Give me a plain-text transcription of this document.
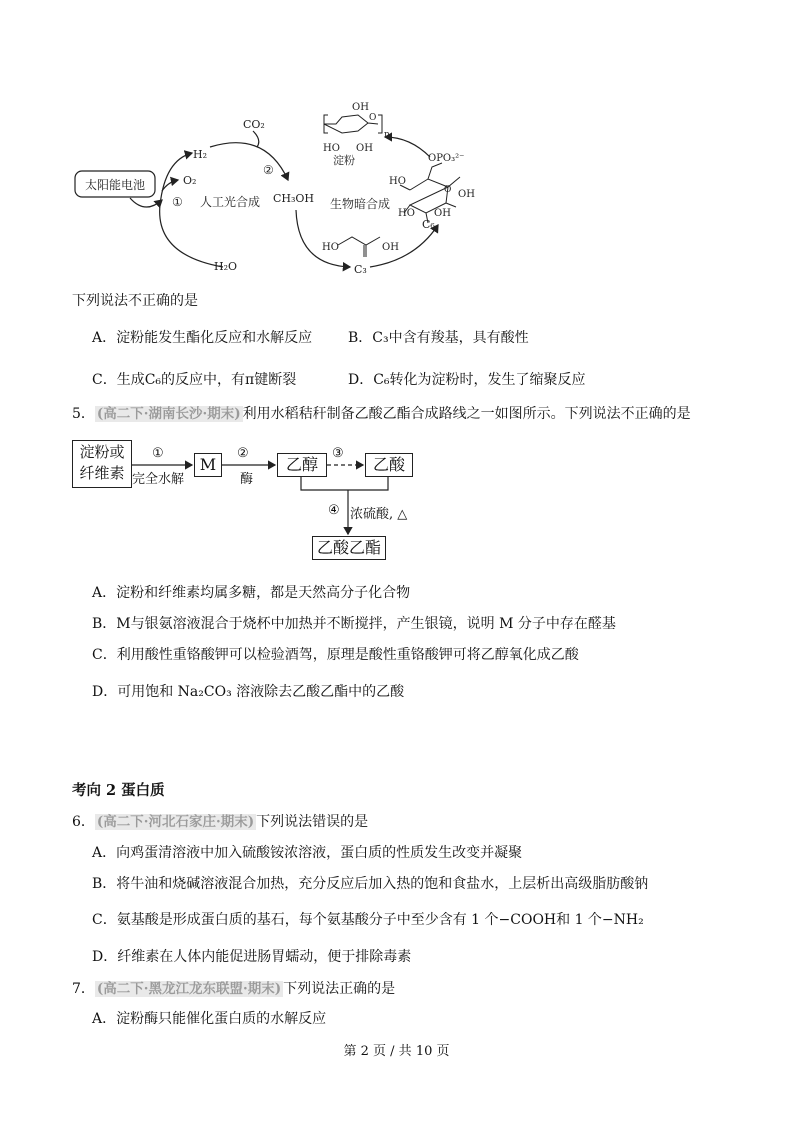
太阳能电池
H₂
O₂
H₂O
① 人工光合成
CO₂
②
CH₃OH 生物暗合成
HO	OH
C₃
O
OPO₃²⁻
HO
HO
OH
OH
C₆
n
OH
O
HO OH
淀粉
下列说法不正确的是
A．淀粉能发生酯化反应和水解反应	B．C₃中含有羧基，具有酸性
C．生成C₆的反应中，有π键断裂	D．C₆转化为淀粉时，发生了缩聚反应
5． (高二下·湖南长沙·期末) 利用水稻秸秆制备乙酸乙酯合成路线之一如图所示。下列说法不正确的是
淀粉或纤维素
①
完全水解
M
②
酶
乙醇
③
乙酸
④ 浓硫酸, △
乙酸乙酯
A．淀粉和纤维素均属多糖，都是天然高分子化合物
B．M与银氨溶液混合于烧杯中加热并不断搅拌，产生银镜，说明 M 分子中存在醛基
C．利用酸性重铬酸钾可以检验酒驾，原理是酸性重铬酸钾可将乙醇氧化成乙酸
D．可用饱和 Na₂CO₃ 溶液除去乙酸乙酯中的乙酸
考向 2 蛋白质
6． (高二下·河北石家庄·期末) 下列说法错误的是
A．向鸡蛋清溶液中加入硫酸铵浓溶液，蛋白质的性质发生改变并凝聚
B．将牛油和烧碱溶液混合加热，充分反应后加入热的饱和食盐水，上层析出高级脂肪酸钠
C．氨基酸是形成蛋白质的基石，每个氨基酸分子中至少含有 1 个−COOH和 1 个−NH₂
D．纤维素在人体内能促进肠胃蠕动，便于排除毒素
7． (高二下·黑龙江龙东联盟·期末) 下列说法正确的是
A．淀粉酶只能催化蛋白质的水解反应
第 2 页 / 共 10 页
